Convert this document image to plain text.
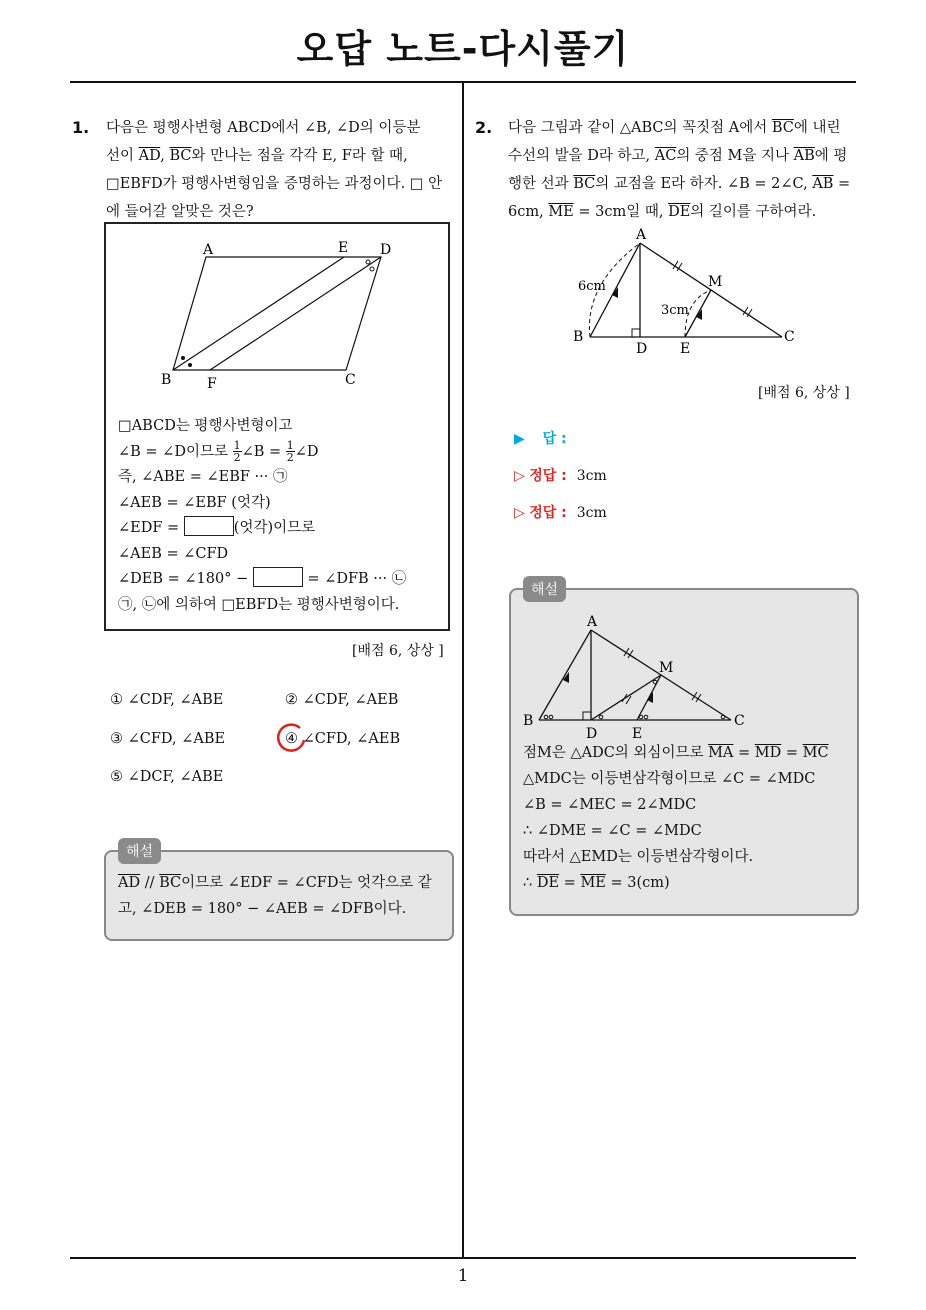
오답 노트-다시풀기
1
1. 다음은 평행사변형 ABCD에서 ∠B, ∠D의 이등분
선이 $\overline{AD}$, $\overline{BC}$와 만나는 점을 각각 E, F라 할 때,
□EBFD가 평행사변형임을 증명하는 과정이다. □ 안
에 들어갈 알맞은 것은?
A	E D
B	F	C
□ABCD는 평행사변형이고
∠B = ∠D이므로 $\frac{1}{2}$ ∠B = $\frac{1}{2}$ ∠D
즉, ∠ABE = ∠EBF ··· ㉠
∠AEB = ∠EBF (엇각)
∠EDF =	(엇각)이므로
∠AEB = ∠CFD
∠DEB = ∠180° −	= ∠DFB ··· ㉡
㉠, ㉡에 의하여 □EBFD는 평행사변형이다.
[배점 6, 상상 ]
① ∠CDF, ∠ABE	② ∠CDF, ∠AEB
③ ∠CFD, ∠ABE	④ ∠CFD, ∠AEB
⑤ ∠DCF, ∠ABE
$\overline{AD} // \overline{BC}$이므로 ∠EDF = ∠CFD는 엇각으로 같
고, ∠DEB = 180° − ∠AEB = ∠DFB이다.
해설
2. 다음 그림과 같이 △ABC의 꼭짓점 A에서 $\overline{BC}$에 내린
수선의 발을 D라 하고, $\overline{AC}$의 중점 M을 지나 $\overline{AB}$에 평
행한 선과 $\overline{BC}$의 교점을 E라 하자. ∠B = 2∠C, $\overline{AB}$ =
6cm, $\overline{ME} = 3cm$일 때, $\overline{DE}$의 길이를 구하여라.
A
M
B
D E
C
6cm
3cm
[배점 6, 상상 ]
▶ 답 :
▷ 정답 : 3cm
▷ 정답 : 3cm
A
M
B
D E
C
점M은 △ADC의 외심이므로 $\overline{MA} = \overline{MD} = \overline{MC}$
△MDC는 이등변삼각형이므로 ∠C = ∠MDC
∠B = ∠MEC = 2∠MDC
∴ ∠DME = ∠C = ∠MDC
따라서 △EMD는 이등변삼각형이다.
∴ $\overline{DE} = \overline{ME} = 3(cm)$
해설
